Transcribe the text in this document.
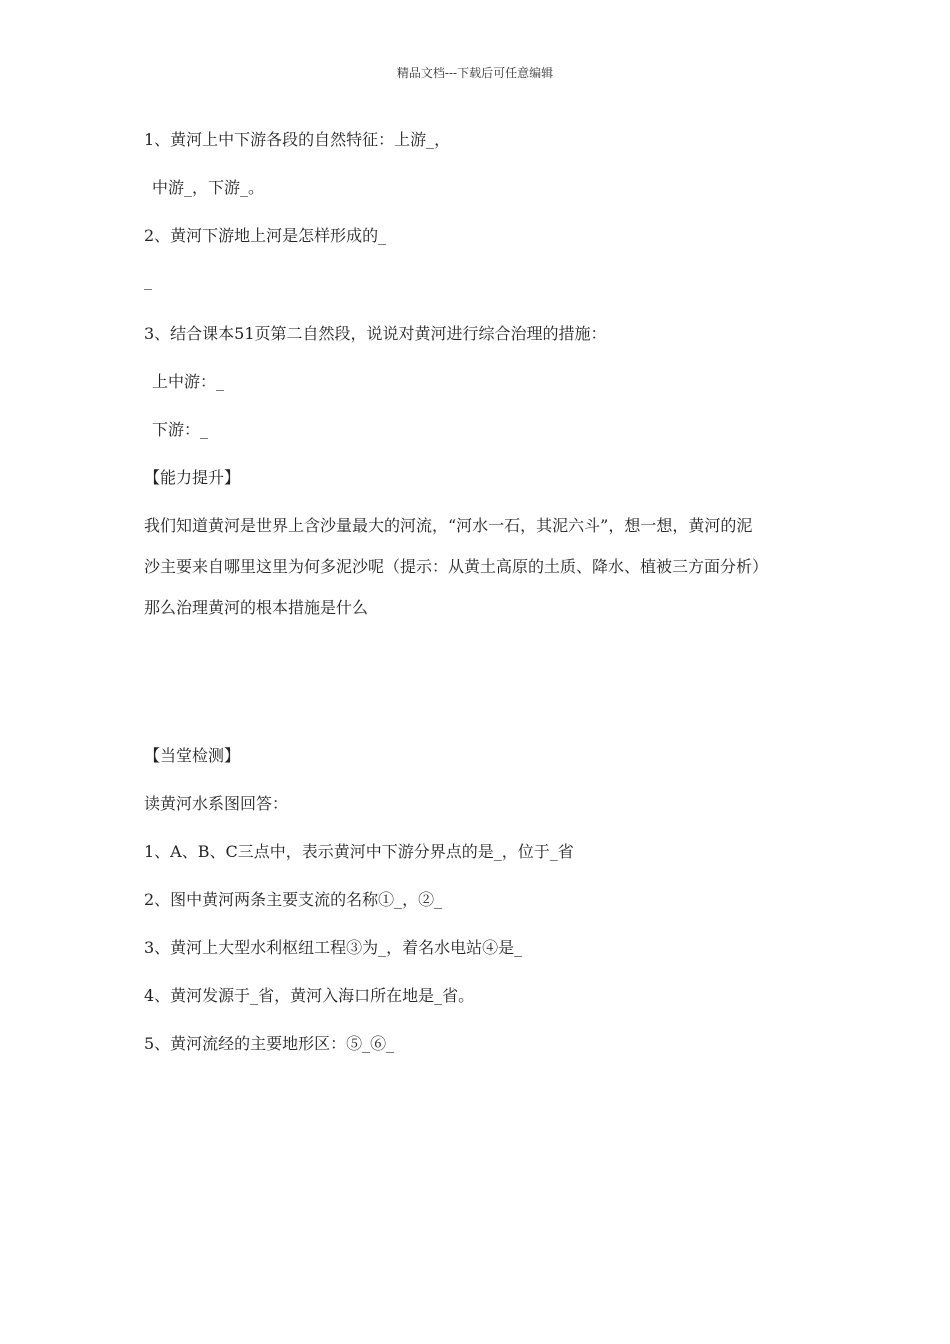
精品文档---下载后可任意编辑
1、黄河上中下游各段的自然特征：上游_，
中游_，下游_。
2、黄河下游地上河是怎样形成的_
_
3、结合课本51页第二自然段，说说对黄河进行综合治理的措施：
上中游：_
下游：_
【能力提升】
我们知道黄河是世界上含沙量最大的河流，“河水一石，其泥六斗”，想一想，黄河的泥
沙主要来自哪里这里为何多泥沙呢（提示：从黄土高原的土质、降水、植被三方面分析）
那么治理黄河的根本措施是什么
【当堂检测】
读黄河水系图回答：
1、A、B、C三点中，表示黄河中下游分界点的是_，位于_省
2、图中黄河两条主要支流的名称①_，②_
3、黄河上大型水利枢纽工程③为_，着名水电站④是_
4、黄河发源于_省，黄河入海口所在地是_省。
5、黄河流经的主要地形区：⑤_⑥_
